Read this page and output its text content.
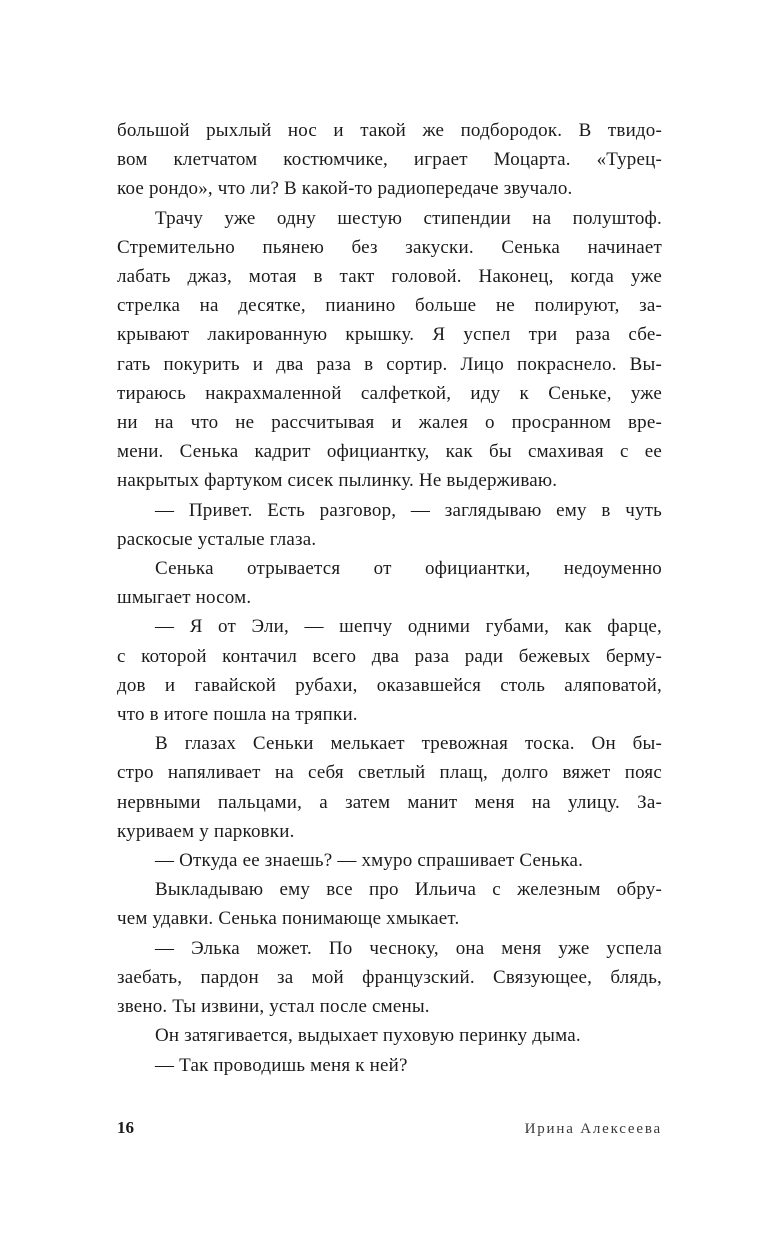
большой рыхлый нос и такой же подбородок. В твидо-
вом клетчатом костюмчике, играет Моцарта. «Турец-
кое рондо», что ли? В какой-то радиопередаче звучало.
Трачу уже одну шестую стипендии на полуштоф.
Стремительно пьянею без закуски. Сенька начинает
лабать джаз, мотая в такт головой. Наконец, когда уже
стрелка на десятке, пианино больше не полируют, за-
крывают лакированную крышку. Я успел три раза сбе-
гать покурить и два раза в сортир. Лицо покраснело. Вы-
тираюсь накрахмаленной салфеткой, иду к Сеньке, уже
ни на что не рассчитывая и жалея о просранном вре-
мени. Сенька кадрит официантку, как бы смахивая с ее
накрытых фартуком сисек пылинку. Не выдерживаю.
— Привет. Есть разговор, — заглядываю ему в чуть
раскосые усталые глаза.
Сенька отрывается от официантки, недоуменно
шмыгает носом.
— Я от Эли, — шепчу одними губами, как фарце,
с которой контачил всего два раза ради бежевых берму-
дов и гавайской рубахи, оказавшейся столь аляповатой,
что в итоге пошла на тряпки.
В глазах Сеньки мелькает тревожная тоска. Он бы-
стро напяливает на себя светлый плащ, долго вяжет пояс
нервными пальцами, а затем манит меня на улицу. За-
куриваем у парковки.
— Откуда ее знаешь? — хмуро спрашивает Сенька.
Выкладываю ему все про Ильича с железным обру-
чем удавки. Сенька понимающе хмыкает.
— Элька может. По чесноку, она меня уже успела
заебать, пардон за мой французский. Связующее, блядь,
звено. Ты извини, устал после смены.
Он затягивается, выдыхает пуховую перинку дыма.
— Так проводишь меня к ней?
16	Ирина Алексеева
